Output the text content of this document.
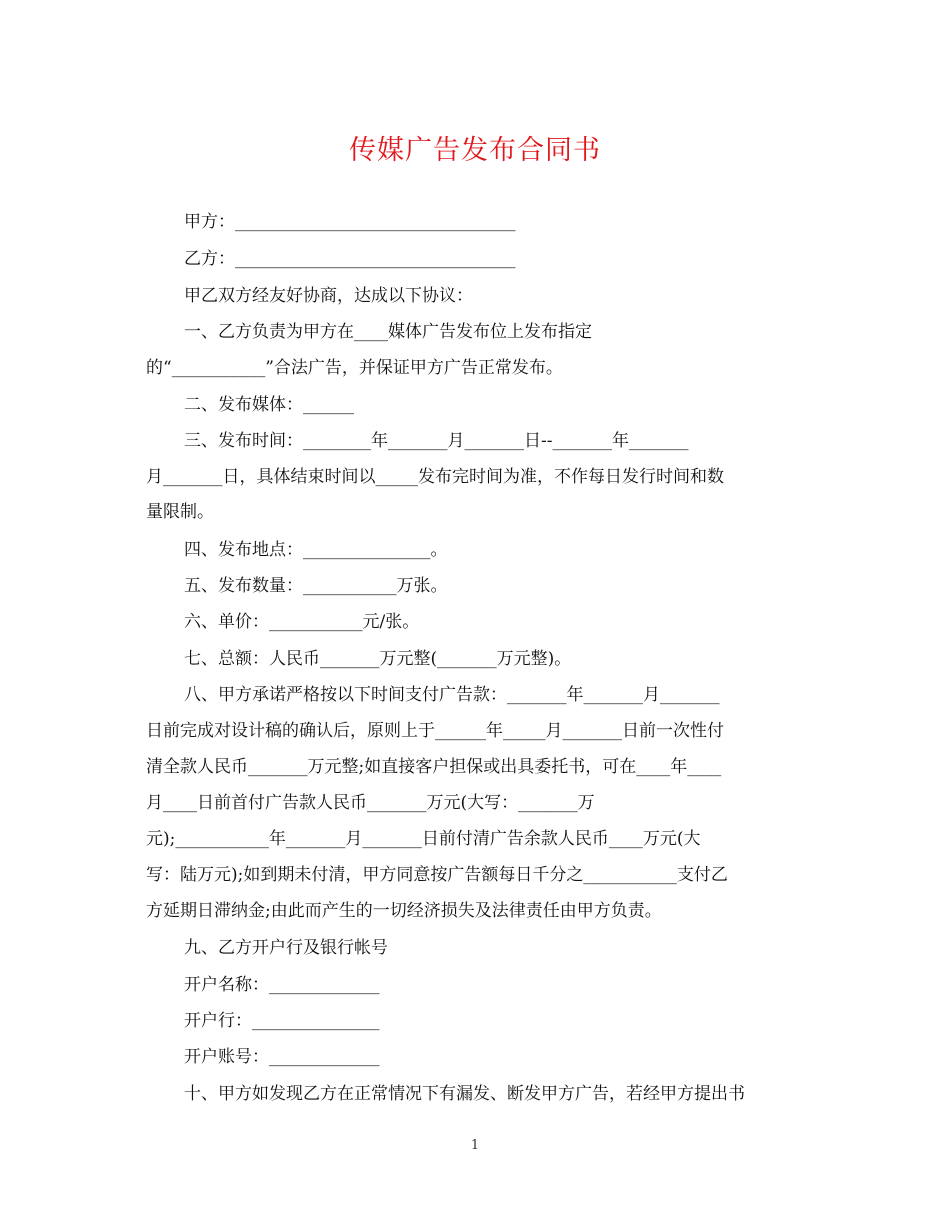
传媒广告发布合同书
甲方：_________________________________
乙方：_________________________________
甲乙双方经友好协商，达成以下协议：
一、乙方负责为甲方在____媒体广告发布位上发布指定
的“___________”合法广告，并保证甲方广告正常发布。
二、发布媒体：______
三、发布时间：________年_______月_______日--_______年_______
月_______日，具体结束时间以_____发布完时间为准，不作每日发行时间和数
量限制。
四、发布地点：_______________。
五、发布数量：___________万张。
六、单价：___________元/张。
七、总额：人民币_______万元整(_______万元整)。
八、甲方承诺严格按以下时间支付广告款：_______年_______月_______
日前完成对设计稿的确认后，原则上于______年_____月_______日前一次性付
清全款人民币_______万元整;如直接客户担保或出具委托书，可在____年____
月____日前首付广告款人民币_______万元(大写：_______万
元);___________年_______月_______日前付清广告余款人民币____万元(大
写：陆万元);如到期未付清，甲方同意按广告额每日千分之___________支付乙
方延期日滞纳金;由此而产生的一切经济损失及法律责任由甲方负责。
九、乙方开户行及银行帐号
开户名称：_____________
开户行：_______________
开户账号：_____________
十、甲方如发现乙方在正常情况下有漏发、断发甲方广告，若经甲方提出书
1
